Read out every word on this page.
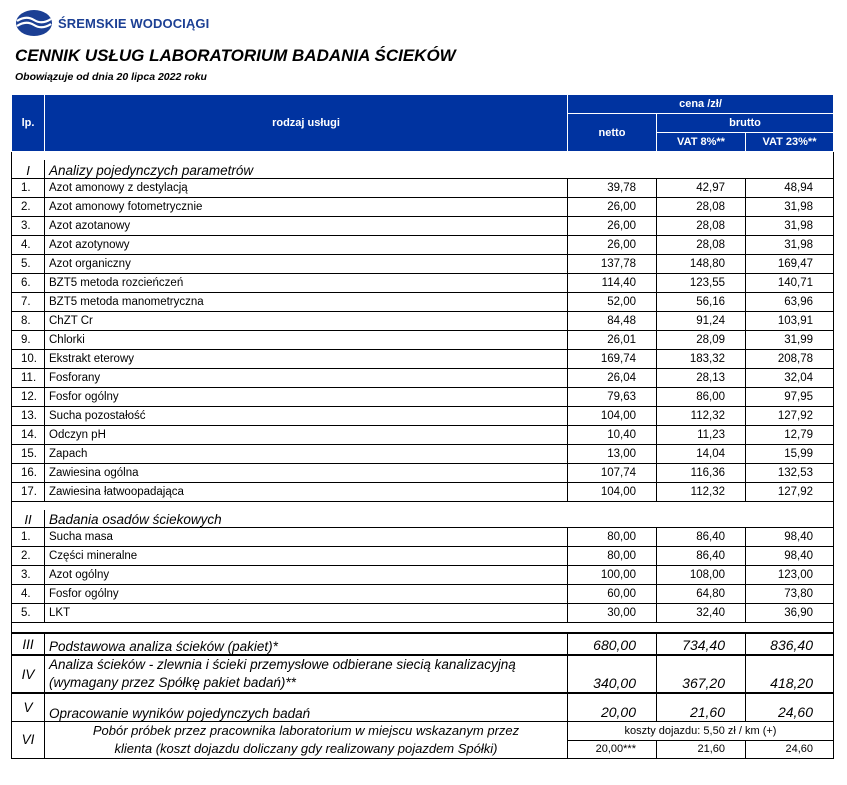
ŚREMSKIE WODOCIĄGI
CENNIK USŁUG LABORATORIUM BADANIA ŚCIEKÓW
Obowiązuje od dnia 20 lipca 2022 roku
lp.	rodzaj usługi	cena /zł/		
		netto	brutto	
			VAT 8%**	VAT 23%**

I	Analizy pojedynczych parametrów			
1.	Azot amonowy z destylacją	39,78	42,97	48,94
2.	Azot amonowy fotometrycznie	26,00	28,08	31,98
3.	Azot azotanowy	26,00	28,08	31,98
4.	Azot azotynowy	26,00	28,08	31,98
5.	Azot organiczny	137,78	148,80	169,47
6.	BZT5 metoda rozcieńczeń	114,40	123,55	140,71
7.	BZT5 metoda manometryczna	52,00	56,16	63,96
8.	ChZT Cr	84,48	91,24	103,91
9.	Chlorki	26,01	28,09	31,99
10.	Ekstrakt eterowy	169,74	183,32	208,78
11.	Fosforany	26,04	28,13	32,04
12.	Fosfor ogólny	79,63	86,00	97,95
13.	Sucha pozostałość	104,00	112,32	127,92
14.	Odczyn pH	10,40	11,23	12,79
15.	Zapach	13,00	14,04	15,99
16.	Zawiesina ogólna	107,74	116,36	132,53
17.	Zawiesina łatwoopadająca	104,00	112,32	127,92

II	Badania osadów ściekowych			
1.	Sucha masa	80,00	86,40	98,40
2.	Części mineralne	80,00	86,40	98,40
3.	Azot ogólny	100,00	108,00	123,00
4.	Fosfor ogólny	60,00	64,80	73,80
5.	LKT	30,00	32,40	36,90

III	Podstawowa analiza ścieków (pakiet)*	680,00	734,40	836,40
IV	Analiza ścieków - zlewnia i ścieki przemysłowe odbierane siecią kanalizacyjną
(wymagany przez Spółkę pakiet badań)**	340,00	367,20	418,20
V	Opracowanie wyników pojedynczych badań	20,00	21,60	24,60
VI	Pobór próbek przez pracownika laboratorium w miejscu wskazanym przez
klienta (koszt dojazdu doliczany gdy realizowany pojazdem Spółki)	koszty dojazdu: 5,50 zł / km (+)		
		20,00***	21,60	24,60
